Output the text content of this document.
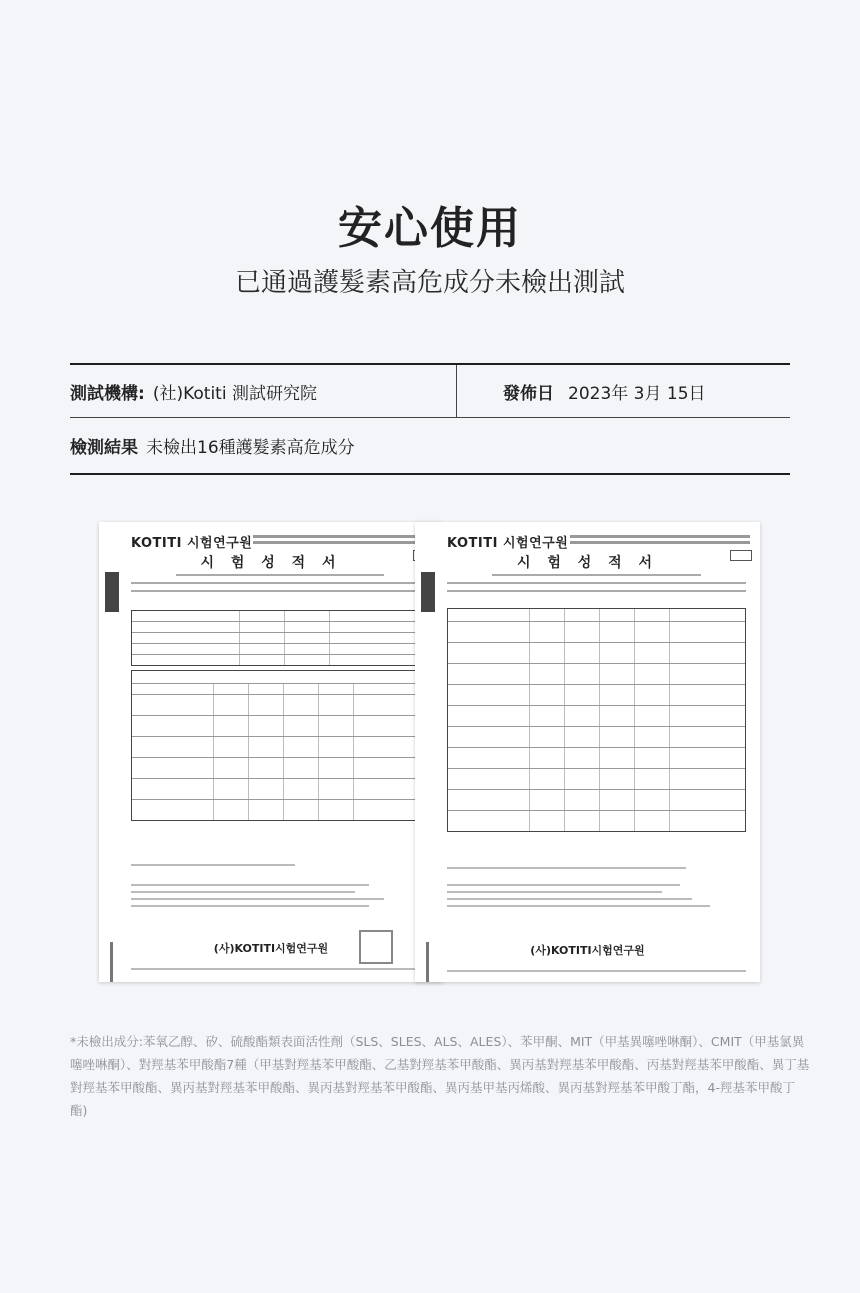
安心使用
已通過護髮素高危成分未檢出測試
測試機構: (社)Kotiti 測試研究院	發佈日 2023年 3月 15日
檢測結果 未檢出16種護髮素高危成分
KOTITI 시험연구원
시 험 성 적 서
(사)KOTITI시험연구원
KOTITI 시험연구원
시 험 성 적 서
(사)KOTITI시험연구원
*未檢出成分:苯氧乙醇、矽、硫酸酯類表面活性劑（SLS、SLES、ALS、ALES）、苯甲酮、MIT（甲基異噻唑啉酮）、CMIT（甲基氯異噻唑啉酮）、對羥基苯甲酸酯7種（甲基對羥基苯甲酸酯、乙基對羥基苯甲酸酯、異丙基對羥基苯甲酸酯、丙基對羥基苯甲酸酯、異丁基對羥基苯甲酸酯、異丙基對羥基苯甲酸酯、異丙基對羥基苯甲酸酯、異丙基甲基丙烯酸、異丙基對羥基苯甲酸丁酯，4-羥基苯甲酸丁酯)
